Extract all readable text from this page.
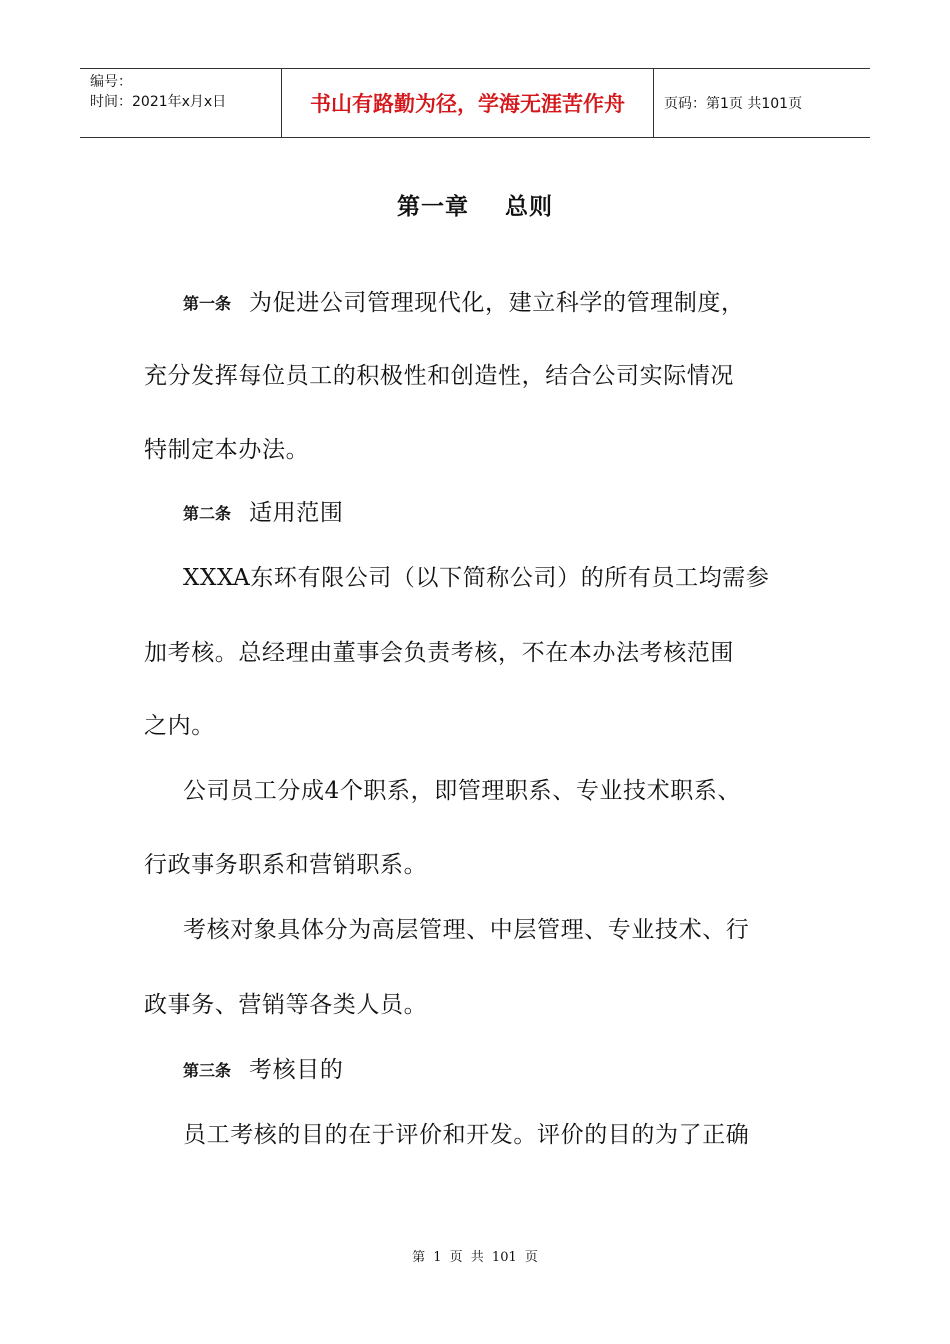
编号：
时间：2021年x月x日	书山有路勤为径，学海无涯苦作舟	页码：第1页 共101页
第一章    总则
第一条 为促进公司管理现代化，建立科学的管理制度，
充分发挥每位员工的积极性和创造性，结合公司实际情况
特制定本办法。
第二条 适用范围
XXXA东环有限公司（以下简称公司）的所有员工均需参
加考核。总经理由董事会负责考核，不在本办法考核范围
之内。
公司员工分成4个职系，即管理职系、专业技术职系、
行政事务职系和营销职系。
考核对象具体分为高层管理、中层管理、专业技术、行
政事务、营销等各类人员。
第三条 考核目的
员工考核的目的在于评价和开发。评价的目的为了正确
第 1 页 共 101 页
